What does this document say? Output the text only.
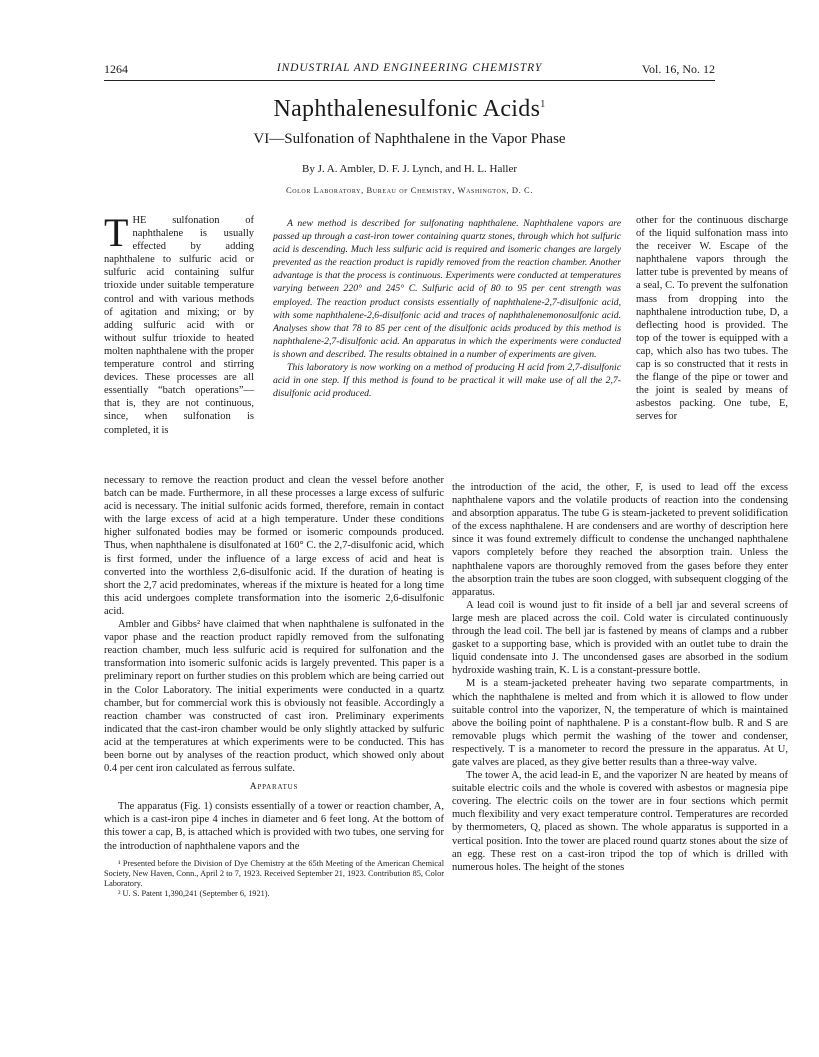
1264	INDUSTRIAL AND ENGINEERING CHEMISTRY	Vol. 16, No. 12
Naphthalenesulfonic Acids$^1$
VI—Sulfonation of Naphthalene in the Vapor Phase
By J. A. Ambler, D. F. J. Lynch, and H. L. Haller
Color Laboratory, Bureau of Chemistry, Washington, D. C.
T HE sulfonation of naphthalene is usually effected by adding naphthalene to sulfuric acid or sulfuric acid containing sulfur trioxide under suitable temperature control and with various methods of agitation and mixing; or by adding sulfuric acid with or without sulfur trioxide to heated molten naphthalene with the proper temperature control and stirring devices. These processes are all essentially “batch operations”—that is, they are not continuous, since, when sulfonation is completed, it is

A new method is described for sulfonating naphthalene. Naphthalene vapors are passed up through a cast-iron tower containing quartz stones, through which hot sulfuric acid is descending. Much less sulfuric acid is required and isomeric changes are largely prevented as the reaction product is rapidly removed from the reaction chamber. Another advantage is that the process is continuous. Experiments were conducted at temperatures varying between 220° and 245° C. Sulfuric acid of 80 to 95 per cent strength was employed. The reaction product consists essentially of naphthalene-2,7-disulfonic acid, with some naphthalene-2,6-disulfonic acid and traces of naphthalenemonosulfonic acid. Analyses show that 78 to 85 per cent of the disulfonic acids produced by this method is naphthalene-2,7-disulfonic acid. An apparatus in which the experiments were conducted is shown and described. The results obtained in a number of experiments are given.

This laboratory is now working on a method of producing H acid from 2,7-disulfonic acid in one step. If this method is found to be practical it will make use of all the 2,7-disulfonic acid produced.

other for the continuous discharge of the liquid sulfonation mass into the receiver W. Escape of the naphthalene vapors through the latter tube is prevented by means of a seal, C. To prevent the sulfonation mass from dropping into the naphthalene introduction tube, D, a deflecting hood is provided. The top of the tower is equipped with a cap, which also has two tubes. The cap is so constructed that it rests in the flange of the pipe or tower and the joint is sealed by means of asbestos packing. One tube, E, serves for

necessary to remove the reaction product and clean the vessel before another batch can be made. Furthermore, in all these processes a large excess of sulfuric acid is necessary. The initial sulfonic acids formed, therefore, remain in contact with the large excess of acid at a high temperature. Under these conditions higher sulfonated bodies may be formed or isomeric compounds produced. Thus, when naphthalene is disulfonated at 160° C. the 2,7-disulfonic acid, which is first formed, under the influence of a large excess of acid and heat is converted into the worthless 2,6-disulfonic acid. If the duration of heating is short the 2,7 acid predominates, whereas if the mixture is heated for a long time this acid undergoes complete transformation into the isomeric 2,6-disulfonic acid.

Ambler and Gibbs² have claimed that when naphthalene is sulfonated in the vapor phase and the reaction product rapidly removed from the sulfonating reaction chamber, much less sulfuric acid is required for sulfonation and the transformation into isomeric sulfonic acids is largely prevented. This paper is a preliminary report on further studies on this problem which are being carried out in the Color Laboratory. The initial experiments were conducted in a quartz chamber, but for commercial work this is obviously not feasible. Accordingly a reaction chamber was constructed of cast iron. Preliminary experiments indicated that the cast-iron chamber would be only slightly attacked by sulfuric acid at the temperatures at which experiments were to be conducted. This has been borne out by analyses of the reaction product, which showed only about 0.4 per cent iron calculated as ferrous sulfate.

Apparatus

The apparatus (Fig. 1) consists essentially of a tower or reaction chamber, A, which is a cast-iron pipe 4 inches in diameter and 6 feet long. At the bottom of this tower a cap, B, is attached which is provided with two tubes, one serving for the introduction of naphthalene vapors and the

¹ Presented before the Division of Dye Chemistry at the 65th Meeting of the American Chemical Society, New Haven, Conn., April 2 to 7, 1923. Received September 21, 1923. Contribution 85, Color Laboratory.

² U. S. Patent 1,390,241 (September 6, 1921).

the introduction of the acid, the other, F, is used to lead off the excess naphthalene vapors and the volatile products of reaction into the condensing and absorption apparatus. The tube G is steam-jacketed to prevent solidification of the excess naphthalene. H are condensers and are worthy of description here since it was found extremely difficult to condense the unchanged naphthalene vapors completely before they reached the absorption train. Unless the naphthalene vapors are thoroughly removed from the gases before they enter the absorption train the tubes are soon clogged, with subsequent clogging of the apparatus.

A lead coil is wound just to fit inside of a bell jar and several screens of large mesh are placed across the coil. Cold water is circulated continuously through the lead coil. The bell jar is fastened by means of clamps and a rubber gasket to a supporting base, which is provided with an outlet tube to drain the liquid condensate into J. The uncondensed gases are absorbed in the sodium hydroxide washing train, K. L is a constant-pressure bottle.

M is a steam-jacketed preheater having two separate compartments, in which the naphthalene is melted and from which it is allowed to flow under suitable control into the vaporizer, N, the temperature of which is maintained above the boiling point of naphthalene. P is a constant-flow bulb. R and S are removable plugs which permit the washing of the tower and condenser, respectively. T is a manometer to record the pressure in the apparatus. At U, gate valves are placed, as they give better results than a three-way valve.

The tower A, the acid lead-in E, and the vaporizer N are heated by means of suitable electric coils and the whole is covered with asbestos or magnesia pipe covering. The electric coils on the tower are in four sections which permit much flexibility and very exact temperature control. Temperatures are recorded by thermometers, Q, placed as shown. The whole apparatus is supported in a vertical position. Into the tower are placed round quartz stones about the size of an egg. These rest on a cast-iron tripod the top of which is drilled with numerous holes. The height of the stones
